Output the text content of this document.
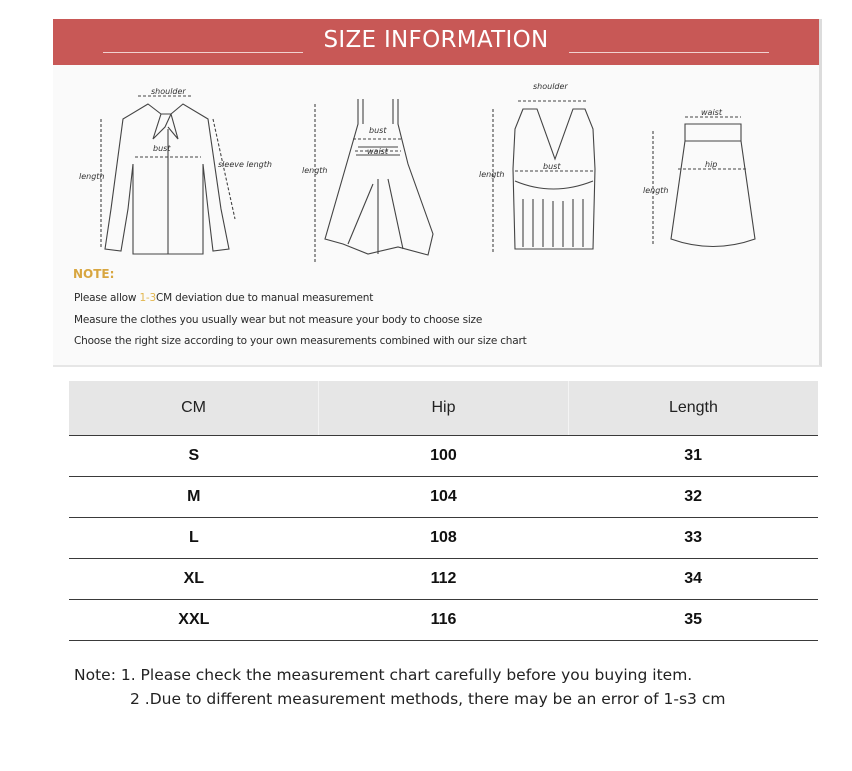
SIZE INFORMATION
shoulder
bust
sleeve length
length
bust
waist
length
shoulder
bust
length
waist
hip
length
NOTE:
Please allow 1-3CM deviation due to manual measurement
Measure the clothes you usually wear but not measure your body to choose size
Choose the right size according to your own measurements combined with our size chart
CM	Hip	Length
S	100	31
M	104	32
L	108	33
XL	112	34
XXL	116	35
Note: 1. Please check the measurement chart carefully before you buying item.
2 .Due to different measurement methods, there may be an error of 1-s3 cm
